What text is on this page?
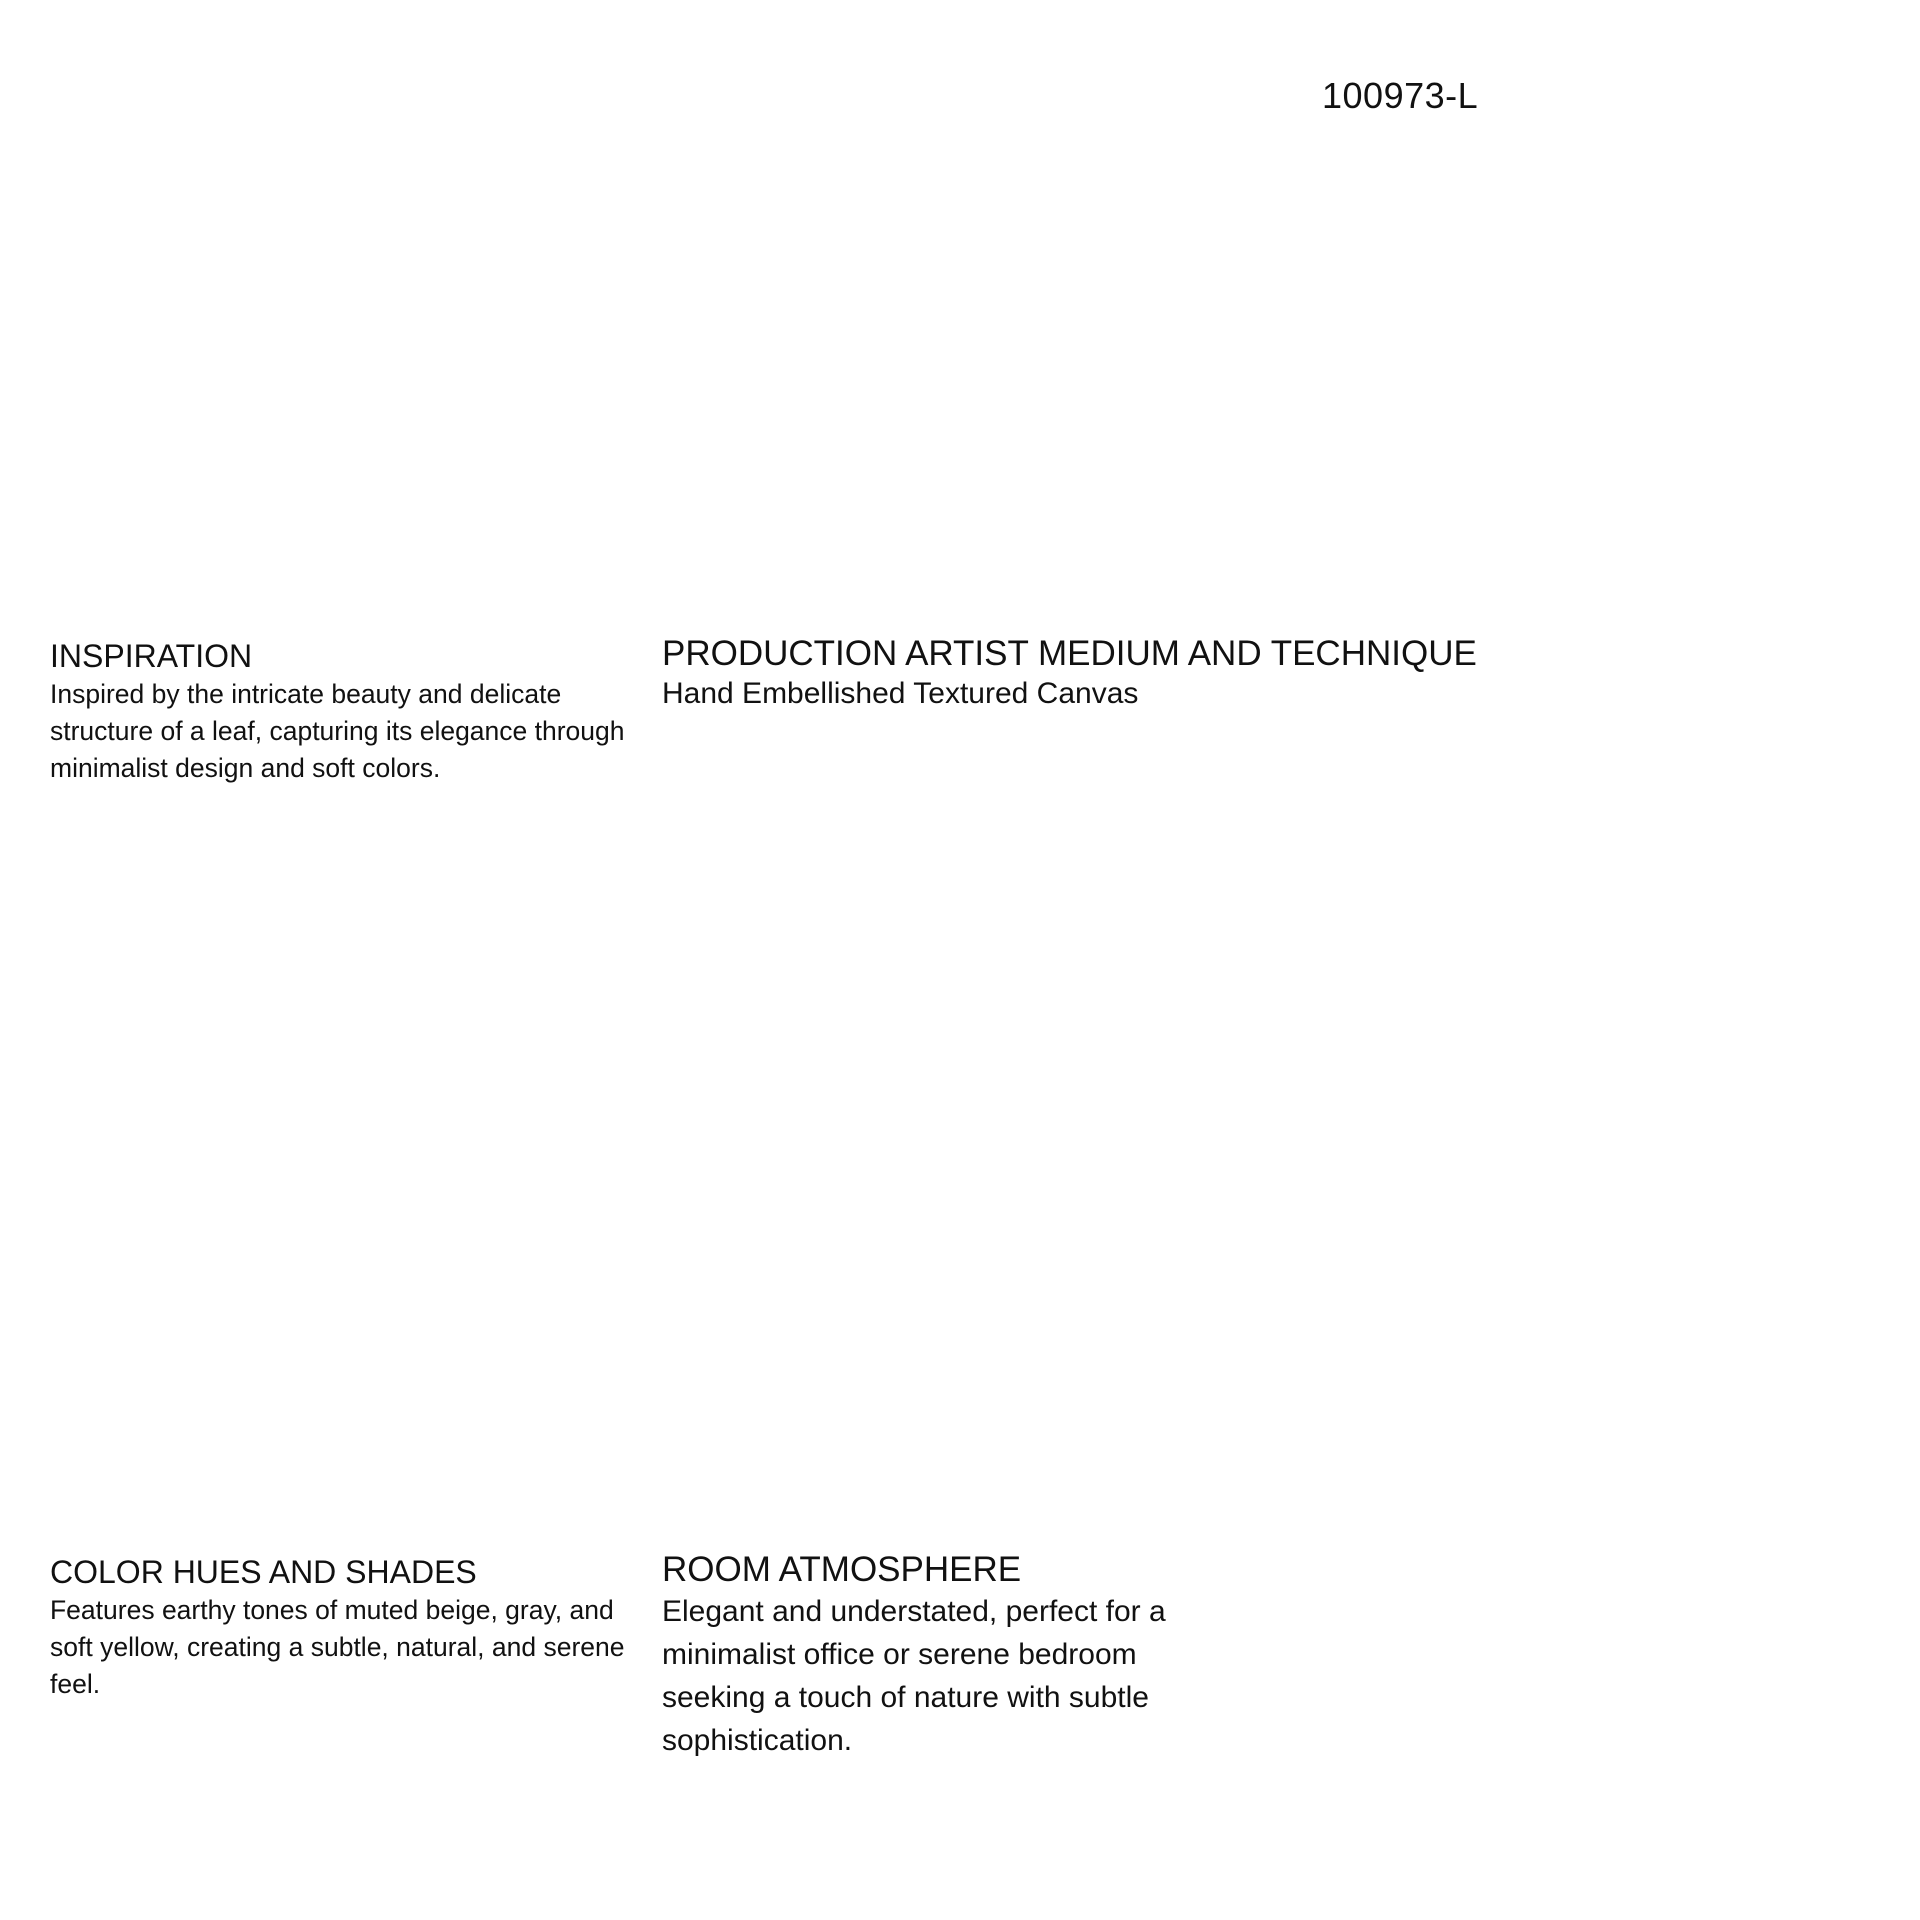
100973-L
INSPIRATION

Inspired by the intricate beauty and delicate structure of a leaf, capturing its elegance through minimalist design and soft colors.

PRODUCTION ARTIST MEDIUM AND TECHNIQUE

Hand Embellished Textured Canvas

COLOR HUES AND SHADES

Features earthy tones of muted beige, gray, and soft yellow, creating a subtle, natural, and serene feel.

ROOM ATMOSPHERE

Elegant and understated, perfect for a minimalist office or serene bedroom seeking a touch of nature with subtle sophistication.
